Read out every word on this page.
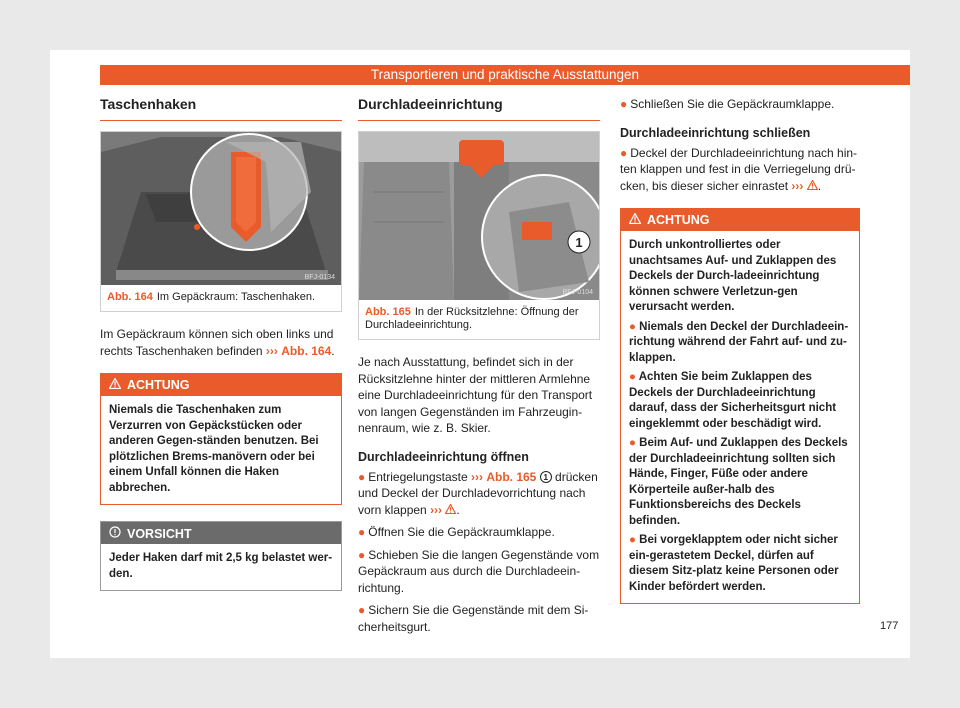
Transportieren und praktische Ausstattungen
Taschenhaken
BFJ-0134
Abb. 164 Im Gepäckraum: Taschenhaken.

Im Gepäckraum können sich oben links und rechts Taschenhaken befinden ››› Abb. 164.

ACHTUNG
Niemals die Taschenhaken zum Verzurren von Gepäckstücken oder anderen Gegen-ständen benutzen. Bei plötzlichen Brems-manövern oder bei einem Unfall können die Haken abbrechen.
VORSICHT
Jeder Haken darf mit 2,5 kg belastet wer-den.
Durchladeeinrichtung
1
BFJ-0104
Abb. 165 In der Rücksitzlehne: Öffnung der Durchladeeinrichtung.

Je nach Ausstattung, befindet sich in der Rücksitzlehne hinter der mittleren Armlehne eine Durchladeeinrichtung für den Transport von langen Gegenständen im Fahrzeugin-nenraum, wie z. B. Skier.

Durchladeeinrichtung öffnen
● Entriegelungstaste ››› Abb. 165 1 drücken und Deckel der Durchladevorrichtung nach vorn klappen ››› .
● Öffnen Sie die Gepäckraumklappe.
● Schieben Sie die langen Gegenstände vom Gepäckraum aus durch die Durchladeein-richtung.
● Sichern Sie die Gegenstände mit dem Si-cherheitsgurt.
● Schließen Sie die Gepäckraumklappe.
Durchladeeinrichtung schließen
● Deckel der Durchladeeinrichtung nach hin-ten klappen und fest in die Verriegelung drü-cken, bis dieser sicher einrastet ››› .
ACHTUNG
Durch unkontrolliertes oder unachtsames Auf- und Zuklappen des Deckels der Durch-ladeeinrichtung können schwere Verletzun-gen verursacht werden.
● Niemals den Deckel der Durchladeein-richtung während der Fahrt auf- und zu-klappen.
● Achten Sie beim Zuklappen des Deckels der Durchladeeinrichtung darauf, dass der Sicherheitsgurt nicht eingeklemmt oder beschädigt wird.
● Beim Auf- und Zuklappen des Deckels der Durchladeeinrichtung sollten sich Hände, Finger, Füße oder andere Körperteile außer-halb des Funktionsbereichs des Deckels befinden.
● Bei vorgeklapptem oder nicht sicher ein-gerastetem Deckel, dürfen auf diesem Sitz-platz keine Personen oder Kinder befördert werden.
177
